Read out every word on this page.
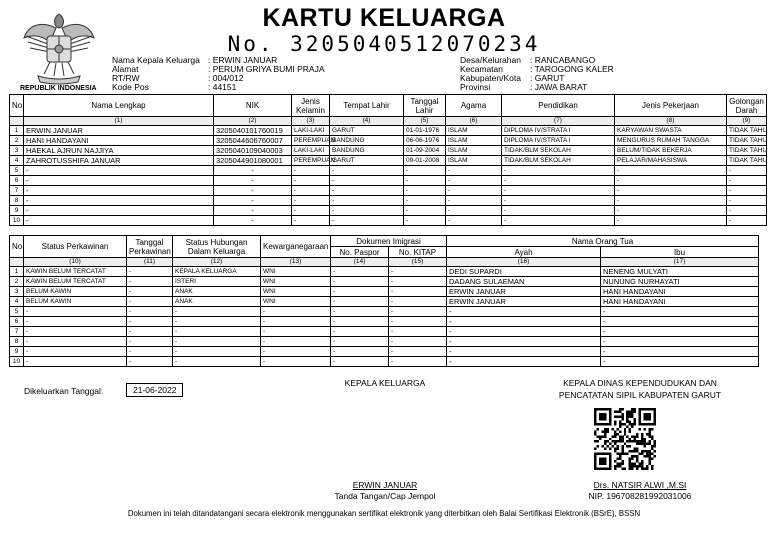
REPUBLIK INDONESIA
KARTU KELUARGA
No. 3205040512070234
Nama Kepala Keluarga : ERWIN JANUAR
Alamat	: PERUM GRIYA BUMI PRAJA
RT/RW	: 004/012
Kode Pos	: 44151
Desa/Kelurahan : RANCABANGO
Kecamatan	: TAROGONG KALER
Kabupaten/Kota : GARUT
Provinsi	: JAWA BARAT
No	Nama Lengkap	NIK	Jenis Kelamin	Tempat Lahir	Tanggal Lahir	Agama	Pendidikan	Jenis Pekerjaan	Golongan Darah
	(1)	(2)	(3)	(4)	(5)	(6)	(7)	(8)	(9)
1	ERWIN JANUAR	3205040101760019	LAKI-LAKI	GARUT	01-01-1976	ISLAM	DIPLOMA IV/STRATA I	KARYAWAN SWASTA	TIDAK TAHU
2	HANI HANDAYANI	3205044606760007	PEREMPUAN	BANDUNG	06-06-1976	ISLAM	DIPLOMA IV/STRATA I	MENGURUS RUMAH TANGGA	TIDAK TAHU
3	HAEKAL AJRUN NAJJIYA	3205040109040003	LAKI-LAKI	BANDUNG	01-09-2004	ISLAM	TIDAK/BLM SEKOLAH	BELUM/TIDAK BEKERJA	TIDAK TAHU
4	ZAHROTUSSHIFA JANUAR	3205044901080001	PEREMPUAN	GARUT	09-01-2008	ISLAM	TIDAK/BLM SEKOLAH	PELAJAR/MAHASISWA	TIDAK TAHU
5	-	-	-	-	-	-	-	-	-
6	-	-	-	-	-	-	-	-	-
7	-	-	-	-	-	-	-	-	-
8	-	-	-	-	-	-	-	-	-
9	-	-	-	-	-	-	-	-	-
10	-	-	-	-	-	-	-	-	-
No	Status Perkawinan	Tanggal Perkawinan	Status Hubungan Dalam Keluarga	Kewarganegaraan	Dokumen Imigrasi		Nama Orang Tua	
					No. Paspor	No. KITAP	Ayah	Ibu
	(10)	(11)	(12)	(13)	(14)	(15)	(16)	(17)
1	KAWIN BELUM TERCATAT	-	KEPALA KELUARGA	WNI	-	-	DEDI SUPARDI	NENENG MULYATI
2	KAWIN BELUM TERCATAT	-	ISTERI	WNI	-	-	DADANG SULAEMAN	NUNUNG NURHAYATI
3	BELUM KAWIN	-	ANAK	WNI	-	-	ERWIN JANUAR	HANI HANDAYANI
4	BELUM KAWIN	-	ANAK	WNI	-	-	ERWIN JANUAR	HANI HANDAYANI
5	-	-	-	-	-	-	-	-
6	-	-	-	-	-	-	-	-
7	-	-	-	-	-	-	-	-
8	-	-	-	-	-	-	-	-
9	-	-	-	-	-	-	-	-
10	-	-	-	-	-	-	-	-
Dikeluarkan Tanggal:	21-06-2022
KEPALA KELUARGA	KEPALA DINAS KEPENDUDUKAN DAN
PENCATATAN SIPIL KABUPATEN GARUT
ERWIN JANUAR
Tanda Tangan/Cap Jempol
Drs. NATSIR ALWI ,M.SI
NIP. 196708281992031006
Dokumen ini telah ditandatangani secara elektronik menggunakan sertifikat elektronik yang diterbitkan oleh Balai Sertifikasi Elektronik (BSrE), BSSN
